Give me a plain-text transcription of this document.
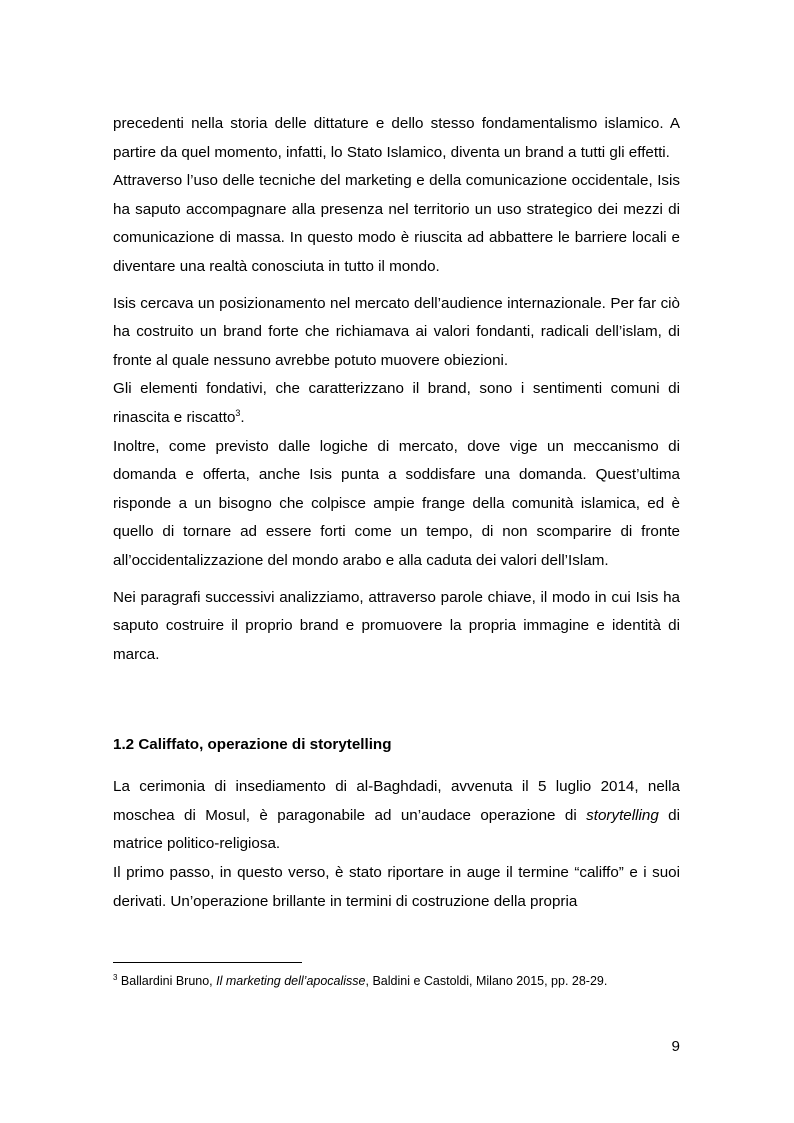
precedenti nella storia delle dittature e dello stesso fondamentalismo islamico. A partire da quel momento, infatti, lo Stato Islamico, diventa un brand a tutti gli effetti.

Attraverso l’uso delle tecniche del marketing e della comunicazione occidentale, Isis ha saputo accompagnare alla presenza nel territorio un uso strategico dei mezzi di comunicazione di massa. In questo modo è riuscita ad abbattere le barriere locali e diventare una realtà conosciuta in tutto il mondo.

Isis cercava un posizionamento nel mercato dell’audience internazionale. Per far ciò ha costruito un brand forte che richiamava ai valori fondanti, radicali dell’islam, di fronte al quale nessuno avrebbe potuto muovere obiezioni.

Gli elementi fondativi, che caratterizzano il brand, sono i sentimenti comuni di rinascita e riscatto$^3$.

Inoltre, come previsto dalle logiche di mercato, dove vige un meccanismo di domanda e offerta, anche Isis punta a soddisfare una domanda. Quest’ultima risponde a un bisogno che colpisce ampie frange della comunità islamica, ed è quello di tornare ad essere forti come un tempo, di non scomparire di fronte all’occidentalizzazione del mondo arabo e alla caduta dei valori dell’Islam.

Nei paragrafi successivi analizziamo, attraverso parole chiave, il modo in cui Isis ha saputo costruire il proprio brand e promuovere la propria immagine e identità di marca.

1.2 Califfato, operazione di storytelling

La cerimonia di insediamento di al-Baghdadi, avvenuta il 5 luglio 2014, nella moschea di Mosul, è paragonabile ad un’audace operazione di storytelling di matrice politico-religiosa.

Il primo passo, in questo verso, è stato riportare in auge il termine “califfo” e i suoi derivati. Un’operazione brillante in termini di costruzione della propria

$^3$ Ballardini Bruno, Il marketing dell’apocalisse, Baldini e Castoldi, Milano 2015, pp. 28-29.
9
